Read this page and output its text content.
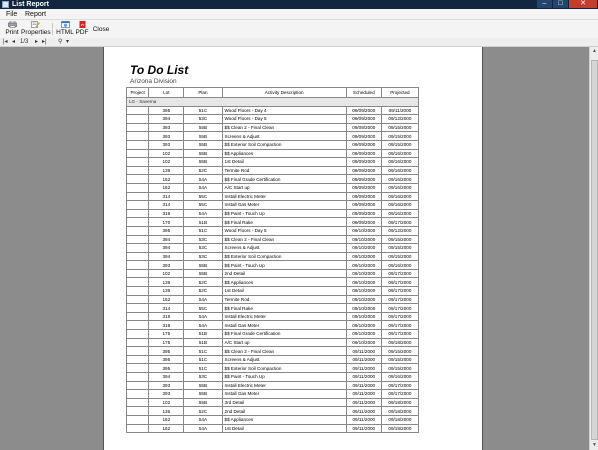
List Report	–	□	✕
File Report
Print Properties HTML PDF Close
|◂ ◂ 1/3 ▸ ▸| ⚲ ▾
To Do List
Arizona Division
Project	Lot	Plan	Activity Description	Scheduled	Projected
LG - Saverna					
	395	51C	Wood Floors - Day 4	09/09/2000	09/11/2000
	394	53C	Wood Floors - Day 5	09/09/2000	09/12/2000
	393	55B	$$ Clean 2 - Final Clean	09/09/2000	09/15/2000
	393	55B	Screens & Adjust	09/09/2000	09/15/2000
	393	55B	$$ Exterior Soil Compaction	09/09/2000	09/15/2000
	102	55B	$$ Appliances	09/09/2000	09/16/2000
	102	55B	1st Detail	09/09/2000	09/16/2000
	136	52C	Termite Rod	09/09/2000	09/16/2000
	162	54A	$$ Final Grade Certification	09/09/2000	09/16/2000
	162	54A	A/C Start up	09/09/2000	09/16/2000
	314	55C	Install Electric Meter	09/09/2000	09/16/2000
	314	55C	Install Gas Meter	09/09/2000	09/16/2000
	318	54A	$$ Paint - Touch Up	09/09/2000	09/16/2000
	170	51B	$$ Final Rake	09/09/2000	09/17/2000
	395	51C	Wood Floors - Day 5	09/10/2000	09/12/2000
	394	53C	$$ Clean 2 - Final Clean	09/10/2000	09/15/2000
	394	53C	Screens & Adjust	09/10/2000	09/15/2000
	394	53C	$$ Exterior Soil Compaction	09/10/2000	09/15/2000
	393	55B	$$ Paint - Touch Up	09/10/2000	09/16/2000
	102	55B	2nd Detail	09/10/2000	09/17/2000
	136	52C	$$ Appliances	09/10/2000	09/17/2000
	136	52C	1st Detail	09/10/2000	09/17/2000
	162	54A	Termite Rod	09/10/2000	09/17/2000
	314	55C	$$ Final Rake	09/10/2000	09/17/2000
	318	54A	Install Electric Meter	09/10/2000	09/17/2000
	318	54A	Install Gas Meter	09/10/2000	09/17/2000
	175	51B	$$ Final Grade Certification	09/10/2000	09/17/2000
	175	51B	A/C Start up	09/10/2000	09/18/2000
	395	51C	$$ Clean 2 - Final Clean	09/11/2000	09/15/2000
	395	51C	Screens & Adjust	09/11/2000	09/15/2000
	395	51C	$$ Exterior Soil Compaction	09/11/2000	09/15/2000
	394	53C	$$ Paint - Touch Up	09/11/2000	09/16/2000
	393	55B	Install Electric Meter	09/11/2000	09/17/2000
	393	55B	Install Gas Meter	09/11/2000	09/17/2000
	102	55B	3rd Detail	09/11/2000	09/18/2000
	136	52C	2nd Detail	09/11/2000	09/18/2000
	162	54A	$$ Appliances	09/11/2000	09/18/2000
	162	54A	1st Detail	09/11/2000	09/18/2000
▲
▼
